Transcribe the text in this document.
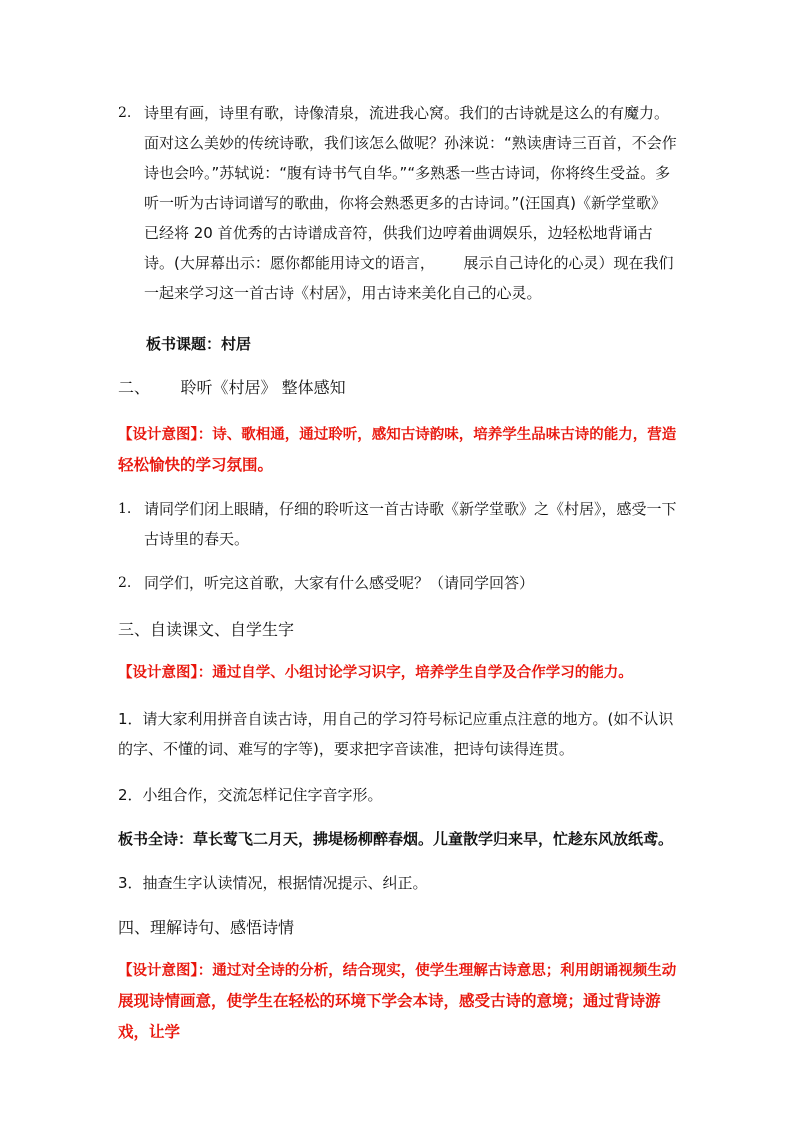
2. 诗里有画，诗里有歌，诗像清泉，流进我心窝。我们的古诗就是这么的有魔力。面对这么美妙的传统诗歌，我们该怎么做呢？孙涞说：“熟读唐诗三百首，不会作诗也会吟。”苏轼说：“腹有诗书气自华。”“多熟悉一些古诗词，你将终生受益。多听一听为古诗词谱写的歌曲，你将会熟悉更多的古诗词。”(汪国真)《新学堂歌》已经将 20 首优秀的古诗谱成音符，供我们边哼着曲调娱乐，边轻松地背诵古诗。(大屏幕出示：愿你都能用诗文的语言，      展示自己诗化的心灵）现在我们一起来学习这一首古诗《村居》，用古诗来美化自己的心灵。
板书课题：村居
二、      聆听《村居》 整体感知
【设计意图】：诗、歌相通，通过聆听，感知古诗韵味，培养学生品味古诗的能力，营造
轻松愉快的学习氛围。
1. 请同学们闭上眼睛，仔细的聆听这一首古诗歌《新学堂歌》之《村居》，感受一下古诗里的春天。
2. 同学们，听完这首歌，大家有什么感受呢？（请同学回答）
三、自读课文、自学生字
【设计意图】：通过自学、小组讨论学习识字，培养学生自学及合作学习的能力。
1．请大家利用拼音自读古诗，用自己的学习符号标记应重点注意的地方。(如不认识的字、不懂的词、难写的字等)，要求把字音读准，把诗句读得连贯。
2．小组合作，交流怎样记住字音字形。
板书全诗：草长莺飞二月天，拂堤杨柳醉春烟。儿童散学归来早，忙趁东风放纸鸢。
3．抽查生字认读情况，根据情况提示、纠正。
四、理解诗句、感悟诗情
【设计意图】：通过对全诗的分析，结合现实，使学生理解古诗意思；利用朗诵视频生动
展现诗情画意，使学生在轻松的环境下学会本诗，感受古诗的意境；通过背诗游戏，让学
